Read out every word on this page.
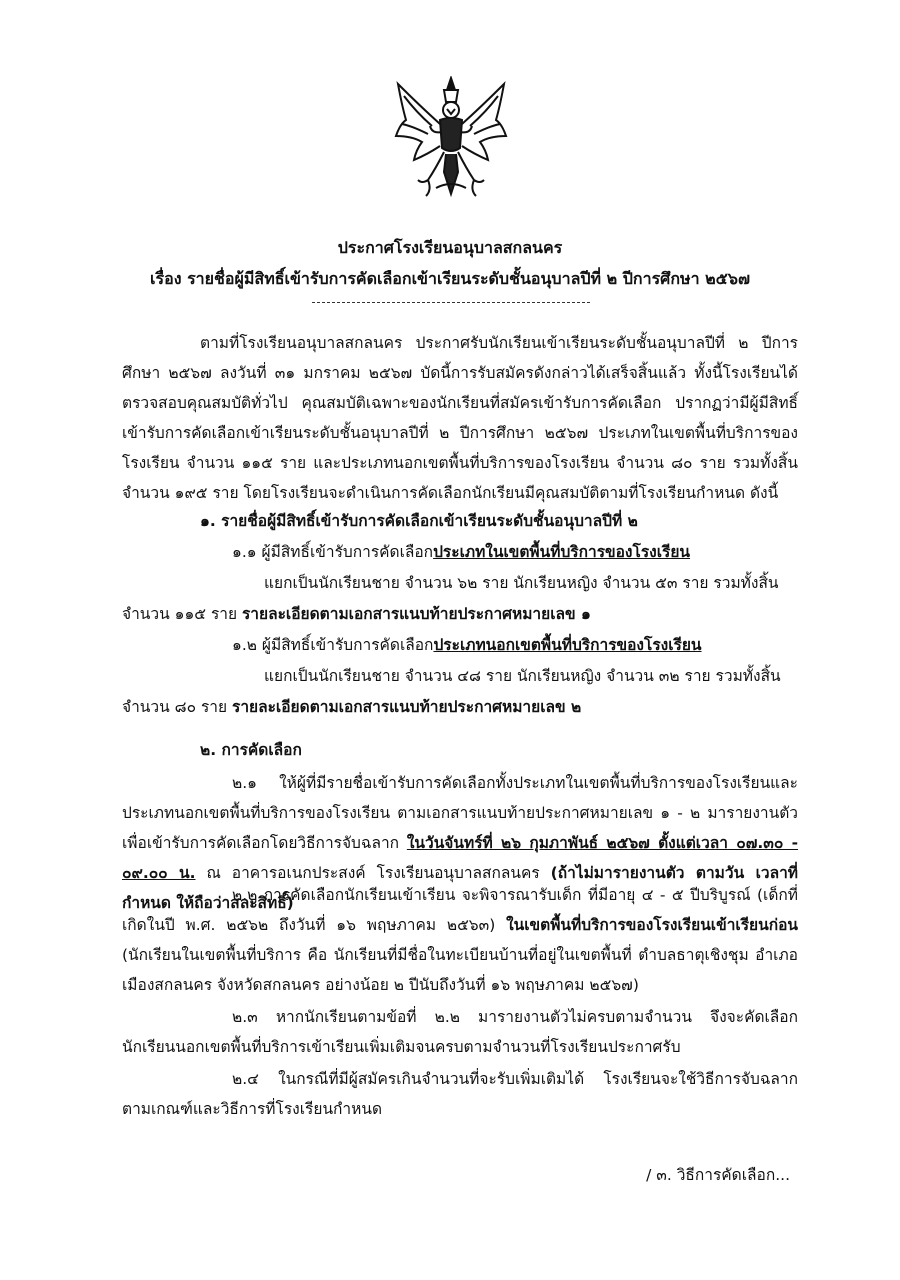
ประกาศโรงเรียนอนุบาลสกลนคร
เรื่อง รายชื่อผู้มีสิทธิ์เข้ารับการคัดเลือกเข้าเรียนระดับชั้นอนุบาลปีที่ ๒ ปีการศึกษา ๒๕๖๗
ตามที่โรงเรียนอนุบาลสกลนคร ประกาศรับนักเรียนเข้าเรียนระดับชั้นอนุบาลปีที่ ๒ ปีการศึกษา ๒๕๖๗ ลงวันที่ ๓๑ มกราคม ๒๕๖๗ บัดนี้การรับสมัครดังกล่าวได้เสร็จสิ้นแล้ว ทั้งนี้โรงเรียนได้ตรวจสอบคุณสมบัติทั่วไป คุณสมบัติเฉพาะของนักเรียนที่สมัครเข้ารับการคัดเลือก ปรากฏว่ามีผู้มีสิทธิ์เข้ารับการคัดเลือกเข้าเรียนระดับชั้นอนุบาลปีที่ ๒ ปีการศึกษา ๒๕๖๗ ประเภทในเขตพื้นที่บริการของโรงเรียน จำนวน ๑๑๕ ราย และประเภทนอกเขตพื้นที่บริการของโรงเรียน จำนวน ๘๐ ราย รวมทั้งสิ้น จำนวน ๑๙๕ ราย โดยโรงเรียนจะดำเนินการคัดเลือกนักเรียนมีคุณสมบัติตามที่โรงเรียนกำหนด ดังนี้
๑. รายชื่อผู้มีสิทธิ์เข้ารับการคัดเลือกเข้าเรียนระดับชั้นอนุบาลปีที่ ๒
๑.๑ ผู้มีสิทธิ์เข้ารับการคัดเลือกประเภทในเขตพื้นที่บริการของโรงเรียน
แยกเป็นนักเรียนชาย จำนวน ๖๒ ราย นักเรียนหญิง จำนวน ๕๓ ราย รวมทั้งสิ้น
จำนวน ๑๑๕ ราย รายละเอียดตามเอกสารแนบท้ายประกาศหมายเลข ๑
๑.๒ ผู้มีสิทธิ์เข้ารับการคัดเลือกประเภทนอกเขตพื้นที่บริการของโรงเรียน
แยกเป็นนักเรียนชาย จำนวน ๔๘ ราย นักเรียนหญิง จำนวน ๓๒ ราย รวมทั้งสิ้น
จำนวน ๘๐ ราย รายละเอียดตามเอกสารแนบท้ายประกาศหมายเลข ๒
๒. การคัดเลือก
๒.๑ ให้ผู้ที่มีรายชื่อเข้ารับการคัดเลือกทั้งประเภทในเขตพื้นที่บริการของโรงเรียนและประเภทนอกเขตพื้นที่บริการของโรงเรียน ตามเอกสารแนบท้ายประกาศหมายเลข ๑ - ๒ มารายงานตัวเพื่อเข้ารับการคัดเลือกโดยวิธีการจับฉลาก ในวันจันทร์ที่ ๒๖ กุมภาพันธ์ ๒๕๖๗ ตั้งแต่เวลา ๐๗.๓๐ - ๐๙.๐๐ น. ณ อาคารอเนกประสงค์ โรงเรียนอนุบาลสกลนคร (ถ้าไม่มารายงานตัว ตามวัน เวลาที่กำหนด ให้ถือว่าสละสิทธิ์)
๒.๒ การคัดเลือกนักเรียนเข้าเรียน จะพิจารณารับเด็ก ที่มีอายุ ๔ - ๕ ปีบริบูรณ์ (เด็กที่เกิดในปี พ.ศ. ๒๕๖๒ ถึงวันที่ ๑๖ พฤษภาคม ๒๕๖๓) ในเขตพื้นที่บริการของโรงเรียนเข้าเรียนก่อน (นักเรียนในเขตพื้นที่บริการ คือ นักเรียนที่มีชื่อในทะเบียนบ้านที่อยู่ในเขตพื้นที่ ตำบลธาตุเชิงชุม อำเภอเมืองสกลนคร จังหวัดสกลนคร อย่างน้อย ๒ ปีนับถึงวันที่ ๑๖ พฤษภาคม ๒๕๖๗)
๒.๓ หากนักเรียนตามข้อที่ ๒.๒ มารายงานตัวไม่ครบตามจำนวน จึงจะคัดเลือกนักเรียนนอกเขตพื้นที่บริการเข้าเรียนเพิ่มเติมจนครบตามจำนวนที่โรงเรียนประกาศรับ
๒.๔ ในกรณีที่มีผู้สมัครเกินจำนวนที่จะรับเพิ่มเติมได้ โรงเรียนจะใช้วิธีการจับฉลากตามเกณฑ์และวิธีการที่โรงเรียนกำหนด
/ ๓. วิธีการคัดเลือก...
